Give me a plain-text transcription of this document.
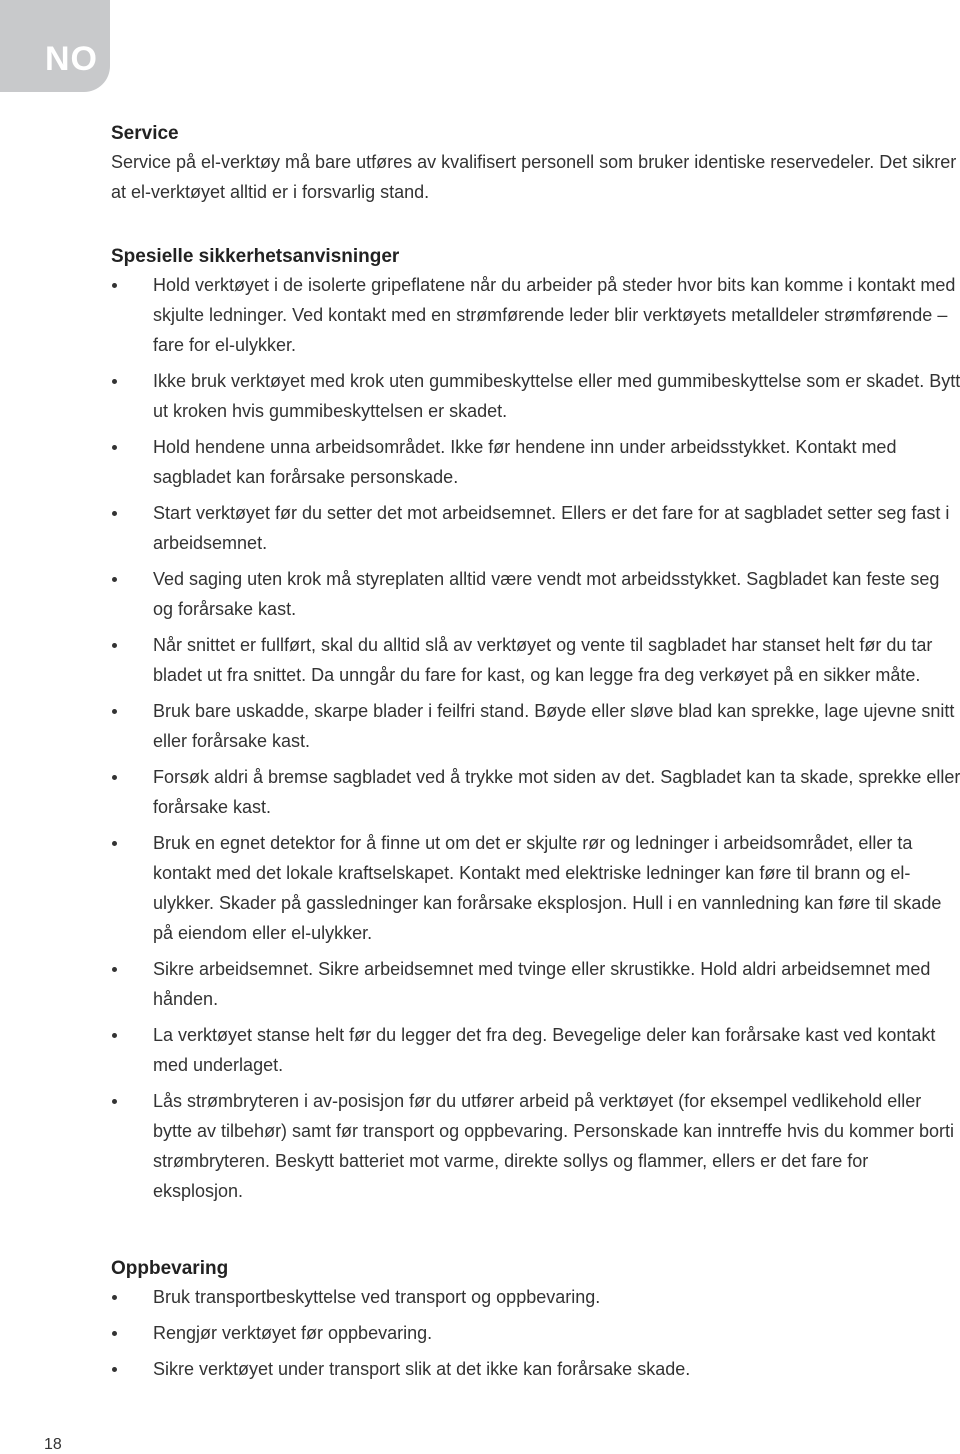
NO

Service

Service på el-verktøy må bare utføres av kvalifisert personell som bruker identiske reservedeler. Det sikrer at el-verktøyet alltid er i forsvarlig stand.

Spesielle sikkerhetsanvisninger

Hold verktøyet i de isolerte gripeflatene når du arbeider på steder hvor bits kan komme i kontakt med skjulte ledninger. Ved kontakt med en strømførende leder blir verktøyets metalldeler strømførende – fare for el-ulykker.
Ikke bruk verktøyet med krok uten gummibeskyttelse eller med gummibeskyttelse som er skadet. Bytt ut kroken hvis gummibeskyttelsen er skadet.
Hold hendene unna arbeidsområdet. Ikke før hendene inn under arbeidsstykket. Kontakt med sagbladet kan forårsake personskade.
Start verktøyet før du setter det mot arbeidsemnet. Ellers er det fare for at sagbladet setter seg fast i arbeidsemnet.
Ved saging uten krok må styreplaten alltid være vendt mot arbeidsstykket. Sagbladet kan feste seg og forårsake kast.
Når snittet er fullført, skal du alltid slå av verktøyet og vente til sagbladet har stanset helt før du tar bladet ut fra snittet. Da unngår du fare for kast, og kan legge fra deg verkøyet på en sikker måte.
Bruk bare uskadde, skarpe blader i feilfri stand. Bøyde eller sløve blad kan sprekke, lage ujevne snitt eller forårsake kast.
Forsøk aldri å bremse sagbladet ved å trykke mot siden av det. Sagbladet kan ta skade, sprekke eller forårsake kast.
Bruk en egnet detektor for å finne ut om det er skjulte rør og ledninger i arbeidsområdet, eller ta kontakt med det lokale kraftselskapet. Kontakt med elektriske ledninger kan føre til brann og el-ulykker. Skader på gassledninger kan forårsake eksplosjon. Hull i en vannledning kan føre til skade på eiendom eller el-ulykker.
Sikre arbeidsemnet. Sikre arbeidsemnet med tvinge eller skrustikke. Hold aldri arbeidsemnet med hånden.
La verktøyet stanse helt før du legger det fra deg. Bevegelige deler kan forårsake kast ved kontakt med underlaget.
Lås strømbryteren i av-posisjon før du utfører arbeid på verktøyet (for eksempel vedlikehold eller bytte av tilbehør) samt før transport og oppbevaring. Personskade kan inntreffe hvis du kommer borti strømbryteren. Beskytt batteriet mot varme, direkte sollys og flammer, ellers er det fare for eksplosjon.

Oppbevaring

Bruk transportbeskyttelse ved transport og oppbevaring.
Rengjør verktøyet før oppbevaring.
Sikre verktøyet under transport slik at det ikke kan forårsake skade.
18
